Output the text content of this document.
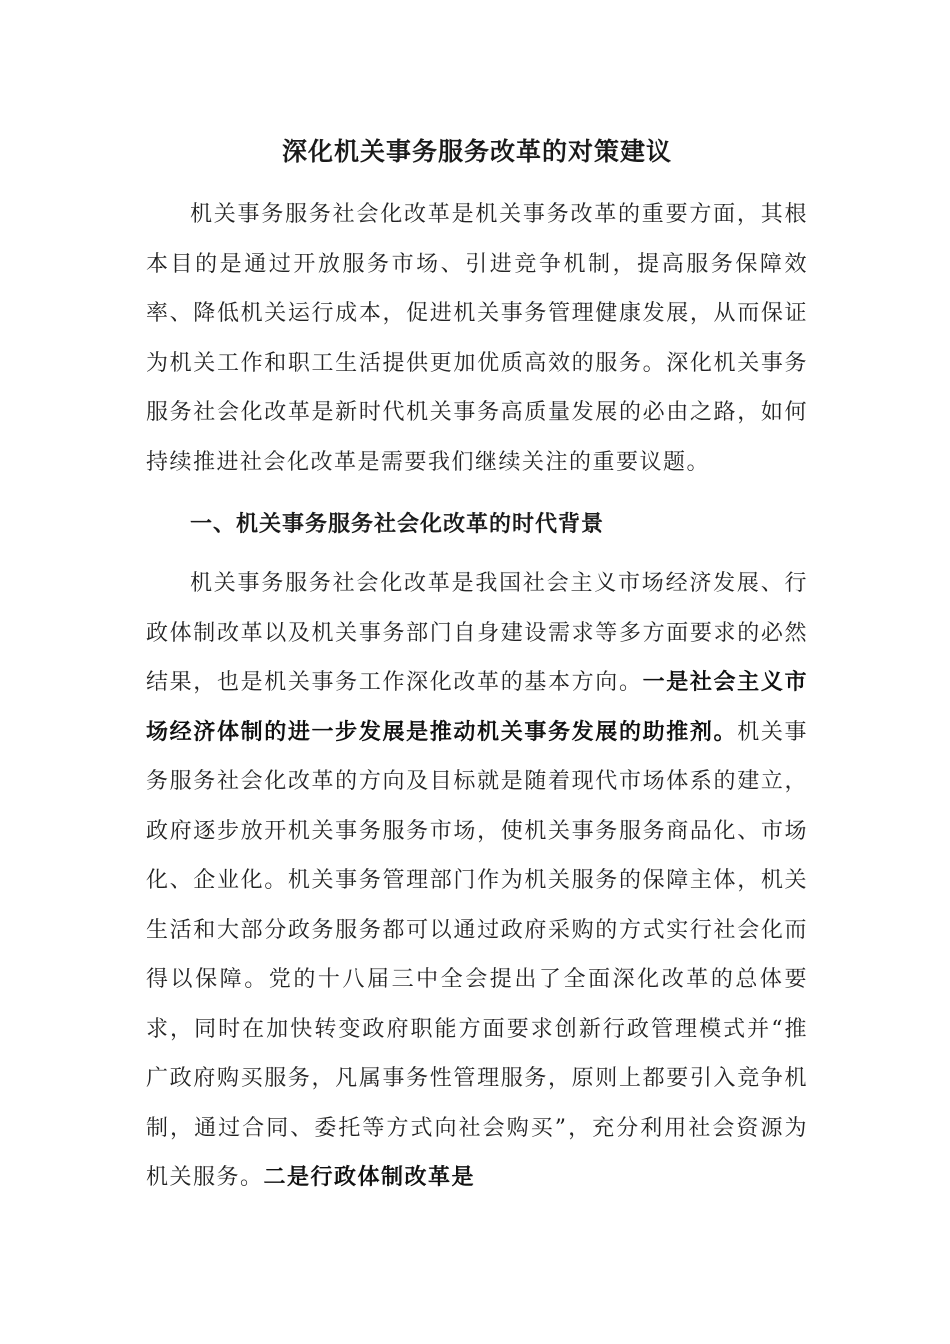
深化机关事务服务改革的对策建议

机关事务服务社会化改革是机关事务改革的重要方面，其根本目的是通过开放服务市场、引进竞争机制，提高服务保障效率、降低机关运行成本，促进机关事务管理健康发展，从而保证为机关工作和职工生活提供更加优质高效的服务。深化机关事务服务社会化改革是新时代机关事务高质量发展的必由之路，如何持续推进社会化改革是需要我们继续关注的重要议题。

一、机关事务服务社会化改革的时代背景

机关事务服务社会化改革是我国社会主义市场经济发展、行政体制改革以及机关事务部门自身建设需求等多方面要求的必然结果，也是机关事务工作深化改革的基本方向。一是社会主义市场经济体制的进一步发展是推动机关事务发展的助推剂。机关事务服务社会化改革的方向及目标就是随着现代市场体系的建立，政府逐步放开机关事务服务市场，使机关事务服务商品化、市场化、企业化。机关事务管理部门作为机关服务的保障主体，机关生活和大部分政务服务都可以通过政府采购的方式实行社会化而得以保障。党的十八届三中全会提出了全面深化改革的总体要求，同时在加快转变政府职能方面要求创新行政管理模式并“推广政府购买服务，凡属事务性管理服务，原则上都要引入竞争机制，通过合同、委托等方式向社会购买”，充分利用社会资源为机关服务。二是行政体制改革是
